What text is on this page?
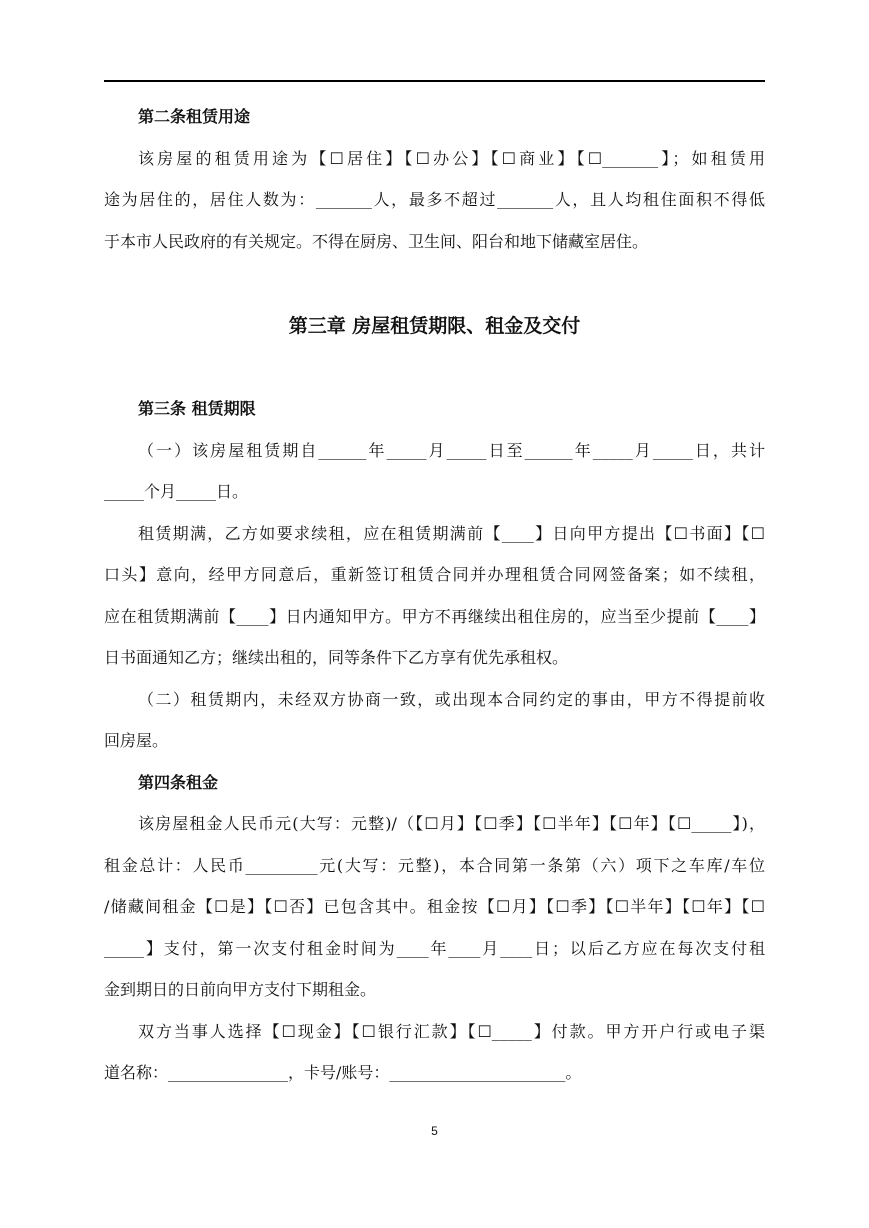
第二条租赁用途
该房屋的租赁用途为【☐居住】【☐办公】【☐商业】【☐_______】；如租赁用
途为居住的，居住人数为：_______人，最多不超过_______人，且人均租住面积不得低
于本市人民政府的有关规定。不得在厨房、卫生间、阳台和地下储藏室居住。
第三章 房屋租赁期限、租金及交付
第三条 租赁期限
（一）该房屋租赁期自______年_____月_____日至______年_____月_____日，共计
_____个月_____日。
租赁期满，乙方如要求续租，应在租赁期满前【____】日向甲方提出【☐书面】【☐
口头】意向，经甲方同意后，重新签订租赁合同并办理租赁合同网签备案；如不续租，
应在租赁期满前【____】日内通知甲方。甲方不再继续出租住房的，应当至少提前【____】
日书面通知乙方；继续出租的，同等条件下乙方享有优先承租权。
（二）租赁期内，未经双方协商一致，或出现本合同约定的事由，甲方不得提前收
回房屋。
第四条租金
该房屋租金人民币元(大写：元整)/（【☐月】【☐季】【☐半年】【☐年】【☐_____】)，
租金总计：人民币_________元(大写：元整)，本合同第一条第（六）项下之车库/车位
/储藏间租金【☐是】【☐否】已包含其中。租金按【☐月】【☐季】【☐半年】【☐年】【☐
_____】支付，第一次支付租金时间为____年____月____日；以后乙方应在每次支付租
金到期日的日前向甲方支付下期租金。
双方当事人选择【☐现金】【☐银行汇款】【☐_____】付款。甲方开户行或电子渠
道名称：_______________，卡号/账号：______________________。
5
